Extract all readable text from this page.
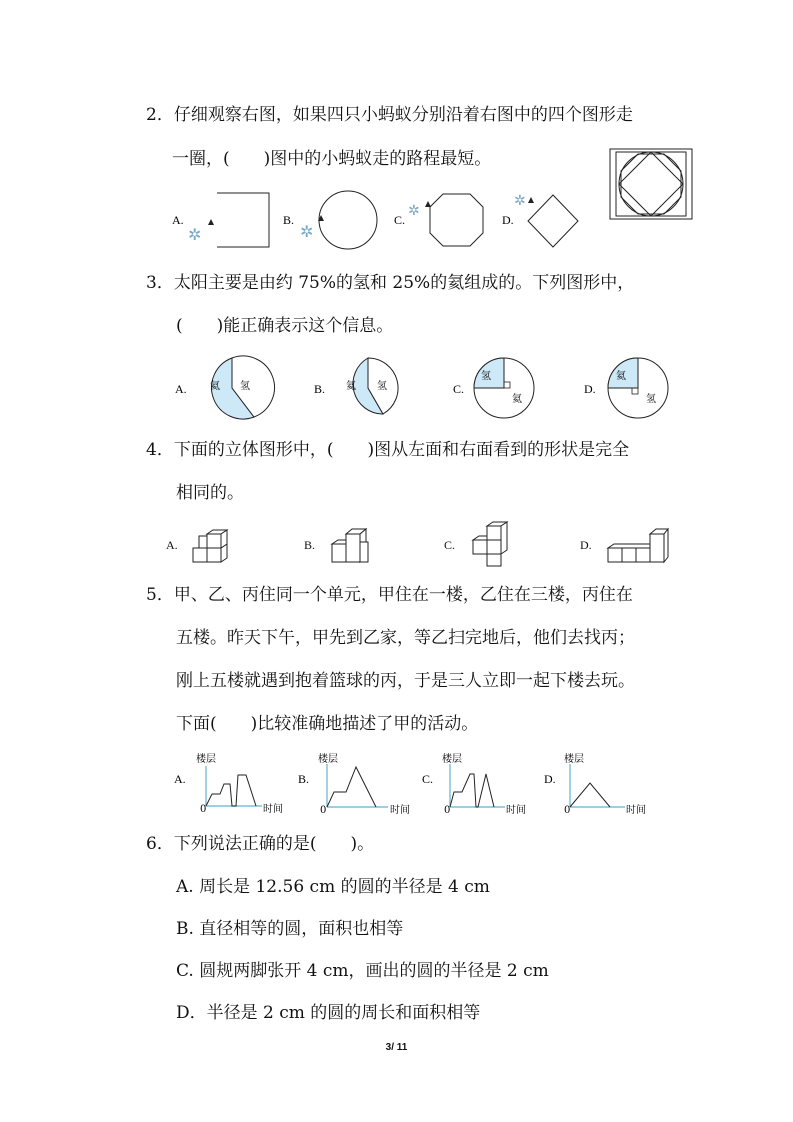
2．仔细观察右图，如果四只小蚂蚁分别沿着右图中的四个图形走
一圈，(　　)图中的小蚂蚁走的路程最短。
A.
✲
B.
✲
C.
✲
D.
✲
3．太阳主要是由约 75%的氢和 25%的氦组成的。下列图形中，
(　　)能正确表示这个信息。
A. 氦 氢	B. 氦 氢	C.
氢
氦
D.
氦
氢
4．下面的立体图形中，(　　)图从左面和右面看到的形状是完全
相同的。
A.	B.	C.	D.
5．甲、乙、丙住同一个单元，甲住在一楼，乙住在三楼，丙住在
五楼。昨天下午，甲先到乙家，等乙扫完地后，他们去找丙；
刚上五楼就遇到抱着篮球的丙，于是三人立即一起下楼去玩。
下面(　　)比较准确地描述了甲的活动。
A.
楼层
0	时间
B.
楼层
0	时间
C.
楼层
0	时间
D.
楼层
0	时间
6．下列说法正确的是(　　)。
A. 周长是 12.56 cm 的圆的半径是 4 cm
B. 直径相等的圆，面积也相等
C. 圆规两脚张开 4 cm，画出的圆的半径是 2 cm
D．半径是 2 cm 的圆的周长和面积相等
3/ 11
